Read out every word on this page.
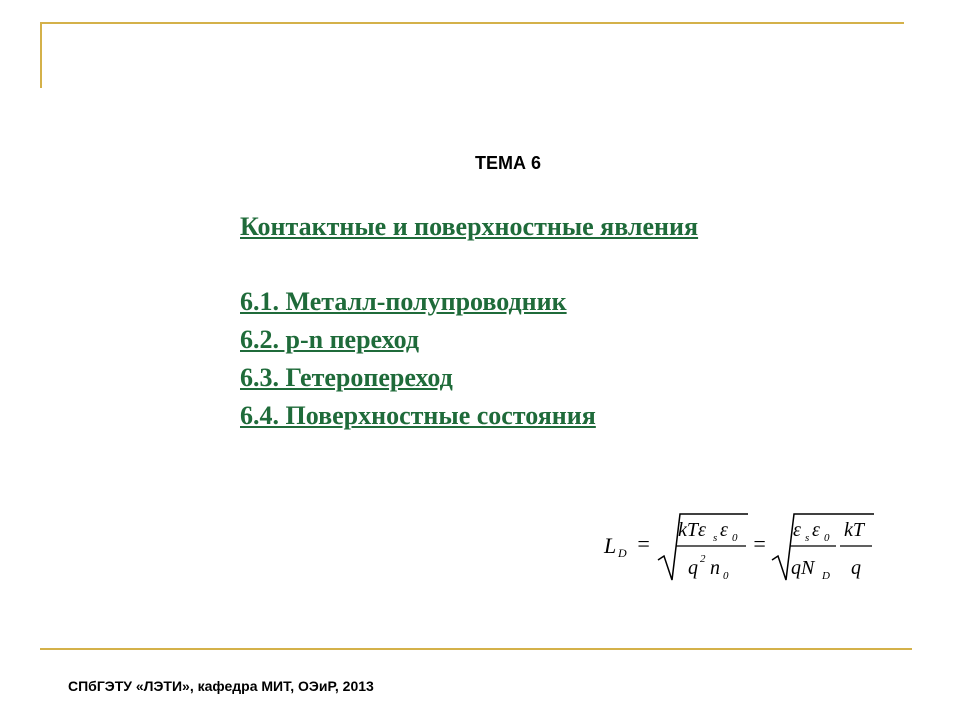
ТЕМА 6
Контактные и поверхностные явления
6.1. Металл-полупроводник
6.2. p-n переход
6.3. Гетеропереход
6.4. Поверхностные состояния
L D =
kTε s ε 0
q 2 n 0
=
ε s ε 0
qN D
kT
q
СПбГЭТУ «ЛЭТИ», кафедра МИТ, ОЭиР, 2013
